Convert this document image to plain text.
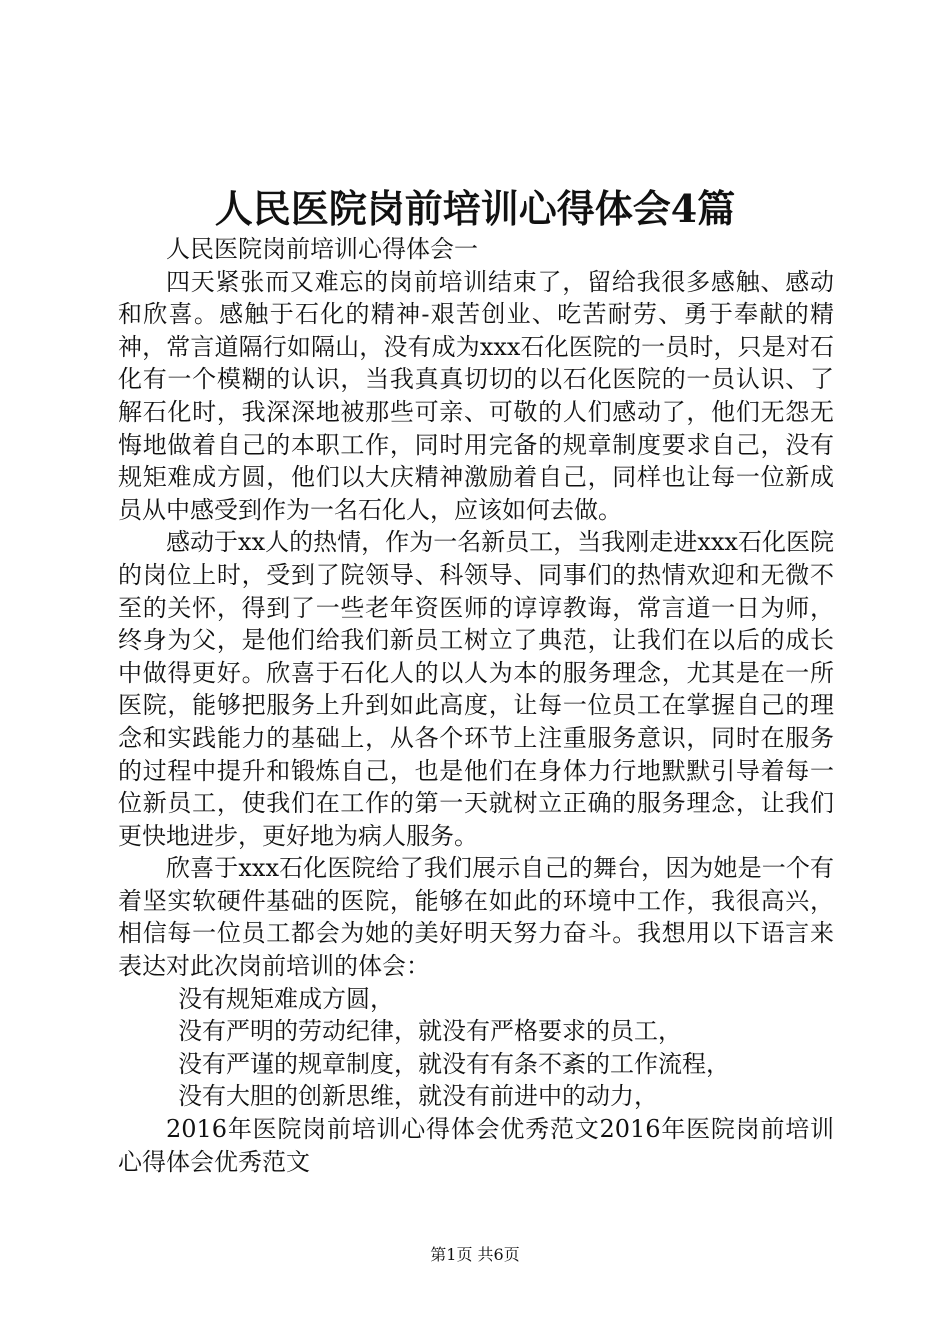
人民医院岗前培训心得体会4篇

人民医院岗前培训心得体会一

四天紧张而又难忘的岗前培训结束了，留给我很多感触、感动和欣喜。感触于石化的精神-艰苦创业、吃苦耐劳、勇于奉献的精神，常言道隔行如隔山，没有成为xxx石化医院的一员时，只是对石化有一个模糊的认识，当我真真切切的以石化医院的一员认识、了解石化时，我深深地被那些可亲、可敬的人们感动了，他们无怨无悔地做着自己的本职工作，同时用完备的规章制度要求自己，没有规矩难成方圆，他们以大庆精神激励着自己，同样也让每一位新成员从中感受到作为一名石化人，应该如何去做。

感动于xx人的热情，作为一名新员工，当我刚走进xxx石化医院的岗位上时，受到了院领导、科领导、同事们的热情欢迎和无微不至的关怀，得到了一些老年资医师的谆谆教诲，常言道一日为师，终身为父，是他们给我们新员工树立了典范，让我们在以后的成长中做得更好。欣喜于石化人的以人为本的服务理念，尤其是在一所医院，能够把服务上升到如此高度，让每一位员工在掌握自己的理念和实践能力的基础上，从各个环节上注重服务意识，同时在服务的过程中提升和锻炼自己，也是他们在身体力行地默默引导着每一位新员工，使我们在工作的第一天就树立正确的服务理念，让我们更快地进步，更好地为病人服务。

欣喜于xxx石化医院给了我们展示自己的舞台，因为她是一个有着坚实软硬件基础的医院，能够在如此的环境中工作，我很高兴，相信每一位员工都会为她的美好明天努力奋斗。我想用以下语言来表达对此次岗前培训的体会：

没有规矩难成方圆，

没有严明的劳动纪律，就没有严格要求的员工，

没有严谨的规章制度，就没有有条不紊的工作流程，

没有大胆的创新思维，就没有前进中的动力，

2016年医院岗前培训心得体会优秀范文2016年医院岗前培训心得体会优秀范文

第1页 共6页
